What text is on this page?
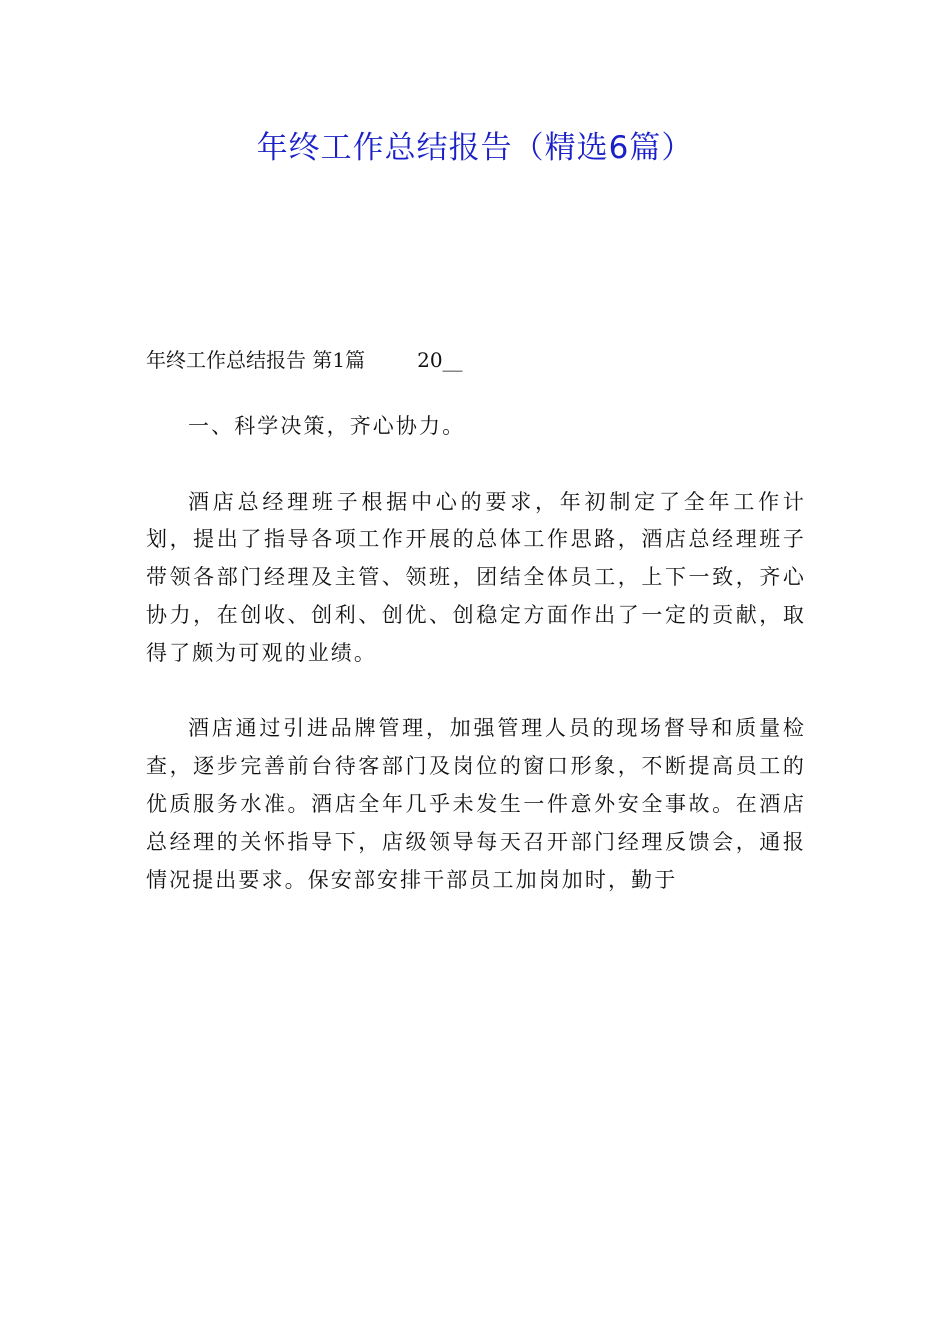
年终工作总结报告（精选6篇）
年终工作总结报告 第1篇	20__

一、科学决策，齐心协力。

酒店总经理班子根据中心的要求，年初制定了全年工作计划，提出了指导各项工作开展的总体工作思路，酒店总经理班子带领各部门经理及主管、领班，团结全体员工，上下一致，齐心协力，在创收、创利、创优、创稳定方面作出了一定的贡献，取得了颇为可观的业绩。

酒店通过引进品牌管理，加强管理人员的现场督导和质量检查，逐步完善前台待客部门及岗位的窗口形象，不断提高员工的优质服务水准。酒店全年几乎未发生一件意外安全事故。在酒店总经理的关怀指导下，店级领导每天召开部门经理反馈会，通报情况提出要求。保安部安排干部员工加岗加时，勤于
